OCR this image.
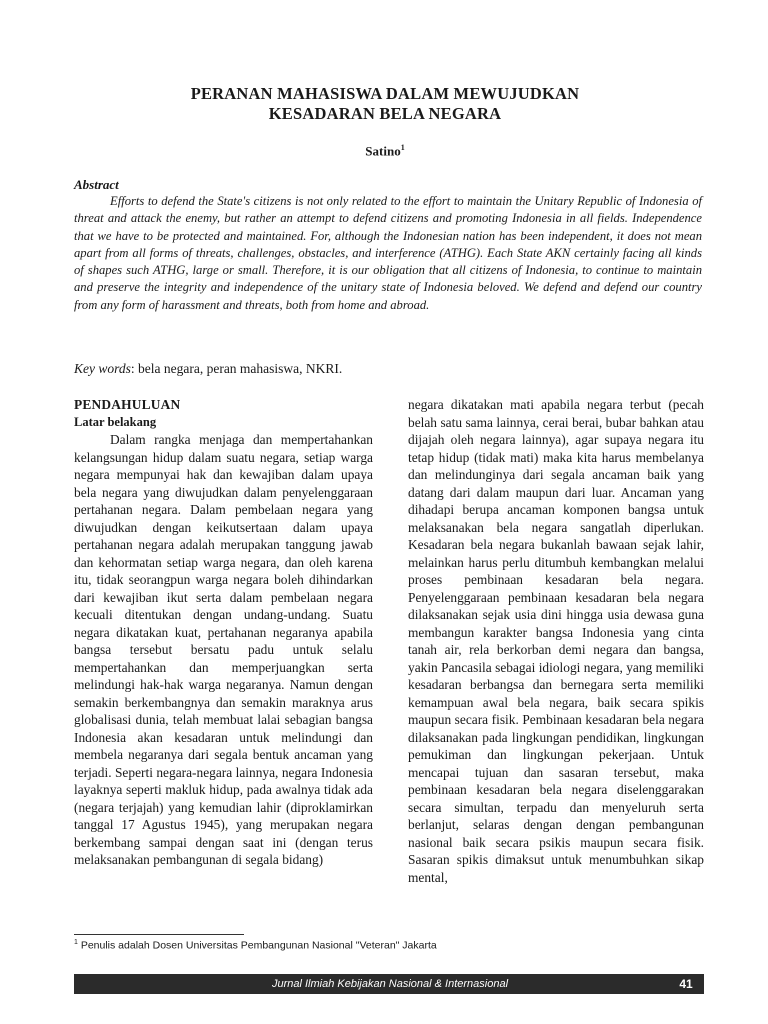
PERANAN MAHASISWA DALAM MEWUJUDKAN
KESADARAN BELA NEGARA
Satino$^1$
Abstract
Efforts to defend the State's citizens is not only related to the effort to maintain the Unitary Republic of Indonesia of threat and attack the enemy, but rather an attempt to defend citizens and promoting Indonesia in all fields. Independence that we have to be protected and maintained. For, although the Indonesian nation has been independent, it does not mean apart from all forms of threats, challenges, obstacles, and interference (ATHG). Each State AKN certainly facing all kinds of shapes such ATHG, large or small. Therefore, it is our obligation that all citizens of Indonesia, to continue to maintain and preserve the integrity and independence of the unitary state of Indonesia beloved. We defend and defend our country from any form of harassment and threats, both from home and abroad.
Key words: bela negara, peran mahasiswa, NKRI.
PENDAHULUAN
Latar belakang
Dalam rangka menjaga dan mempertahankan kelangsungan hidup dalam suatu negara, setiap warga negara mempunyai hak dan kewajiban dalam upaya bela negara yang diwujudkan dalam penyelenggaraan pertahanan negara. Dalam pembelaan negara yang diwujudkan dengan keikutsertaan dalam upaya pertahanan negara adalah merupakan tanggung jawab dan kehormatan setiap warga negara, dan oleh karena itu, tidak seorangpun warga negara boleh dihindarkan dari kewajiban ikut serta dalam pembelaan negara kecuali ditentukan dengan undang-undang. Suatu negara dikatakan kuat, pertahanan negaranya apabila bangsa tersebut bersatu padu untuk selalu mempertahankan dan memperjuangkan serta melindungi hak-hak warga negaranya. Namun dengan semakin berkembangnya dan semakin maraknya arus globalisasi dunia, telah membuat lalai sebagian bangsa Indonesia akan kesadaran untuk melindungi dan membela negaranya dari segala bentuk ancaman yang terjadi. Seperti negara-negara lainnya, negara Indonesia layaknya seperti makluk hidup, pada awalnya tidak ada (negara terjajah) yang kemudian lahir (diproklamirkan tanggal 17 Agustus 1945), yang merupakan negara berkembang sampai dengan saat ini (dengan terus melaksanakan pembangunan di segala bidang)
negara dikatakan mati apabila negara terbut (pecah belah satu sama lainnya, cerai berai, bubar bahkan atau dijajah oleh negara lainnya), agar supaya negara itu tetap hidup (tidak mati) maka kita harus membelanya dan melindunginya dari segala ancaman baik yang datang dari dalam maupun dari luar. Ancaman yang dihadapi berupa ancaman komponen bangsa untuk melaksanakan bela negara sangatlah diperlukan. Kesadaran bela negara bukanlah bawaan sejak lahir, melainkan harus perlu ditumbuh kembangkan melalui proses pembinaan kesadaran bela negara. Penyelenggaraan pembinaan kesadaran bela negara dilaksanakan sejak usia dini hingga usia dewasa guna membangun karakter bangsa Indonesia yang cinta tanah air, rela berkorban demi negara dan bangsa, yakin Pancasila sebagai idiologi negara, yang memiliki kesadaran berbangsa dan bernegara serta memiliki kemampuan awal bela negara, baik secara spikis maupun secara fisik. Pembinaan kesadaran bela negara dilaksanakan pada lingkungan pendidikan, lingkungan pemukiman dan lingkungan pekerjaan. Untuk mencapai tujuan dan sasaran tersebut, maka pembinaan kesadaran bela negara diselenggarakan secara simultan, terpadu dan menyeluruh serta berlanjut, selaras dengan dengan pembangunan nasional baik secara psikis maupun secara fisik. Sasaran spikis dimaksut untuk menumbuhkan sikap mental,
$^1$ Penulis adalah Dosen Universitas Pembangunan Nasional "Veteran" Jakarta
Jurnal Ilmiah Kebijakan Nasional & Internasional	41
